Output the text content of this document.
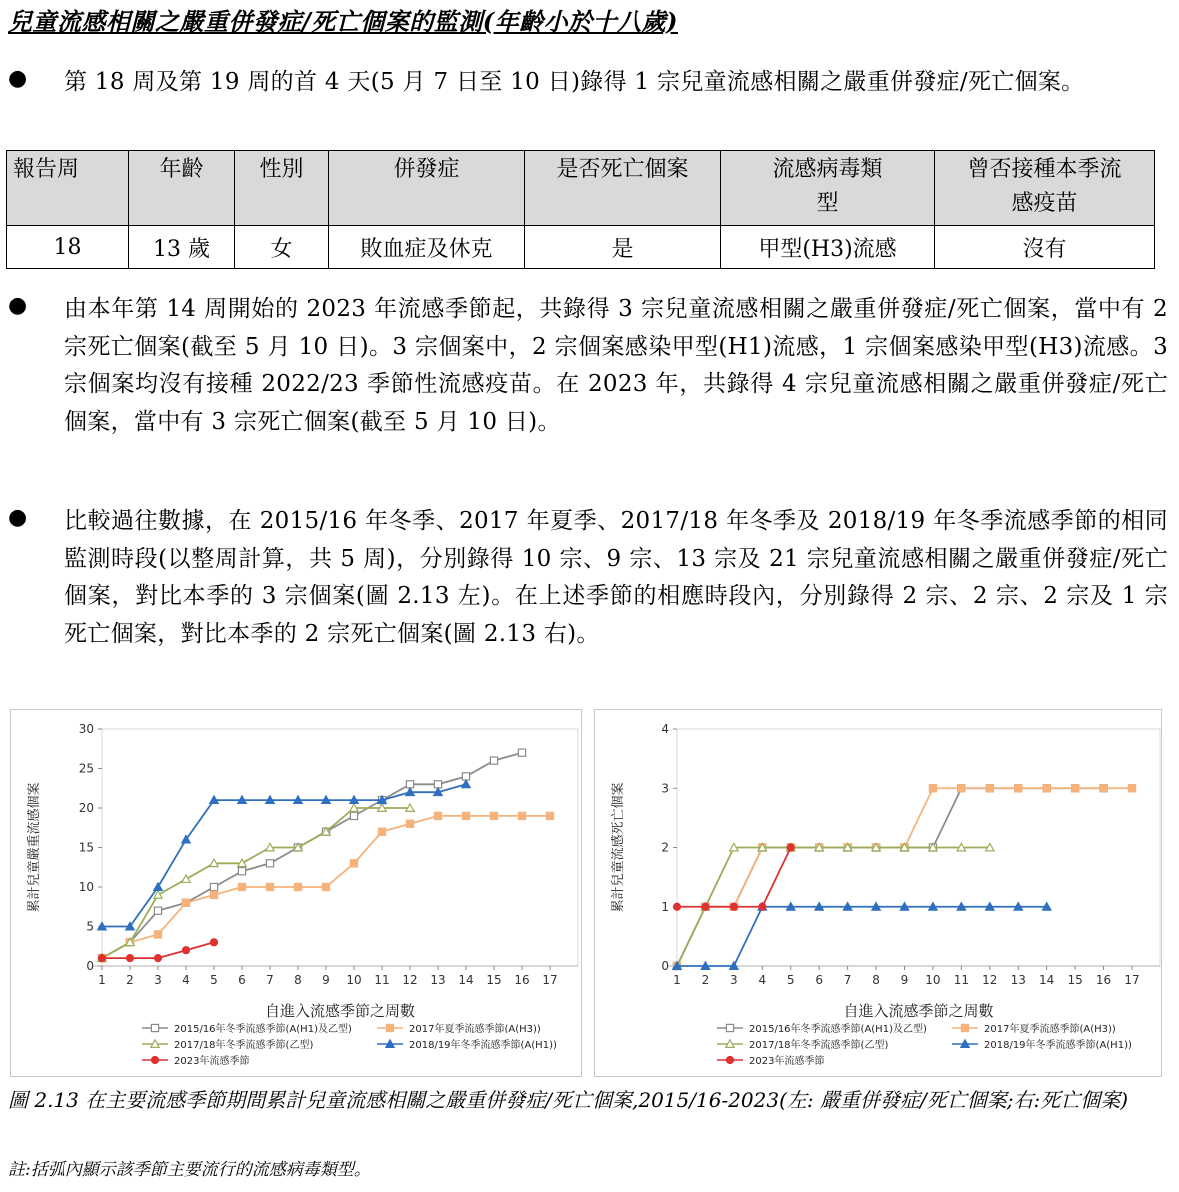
兒童流感相關之嚴重併發症/死亡個案的監測(年齡小於十八歲)
● 第 18 周及第 19 周的首 4 天(5 月 7 日至 10 日)錄得 1 宗兒童流感相關之嚴重併發症/死亡個案。

報告周	年齡	性別	併發症	是否死亡個案	流感病毒類型	曾否接種本季流感疫苗
18	13 歲	女	敗血症及休克	是	甲型(H3)流感	沒有
● 由本年第 14 周開始的 2023 年流感季節起，共錄得 3 宗兒童流感相關之嚴重併發症/死亡個案，當中有 2 宗死亡個案(截至 5 月 10 日)。3 宗個案中，2 宗個案感染甲型(H1)流感，1 宗個案感染甲型(H3)流感。3 宗個案均沒有接種 2022/23 季節性流感疫苗。在 2023 年，共錄得 4 宗兒童流感相關之嚴重併發症/死亡個案，當中有 3 宗死亡個案(截至 5 月 10 日)。

● 比較過往數據，在 2015/16 年冬季、2017 年夏季、2017/18 年冬季及 2018/19 年冬季流感季節的相同監測時段(以整周計算，共 5 周)，分別錄得 10 宗、9 宗、13 宗及 21 宗兒童流感相關之嚴重併發症/死亡個案，對比本季的 3 宗個案(圖 2.13 左)。在上述季節的相應時段內，分別錄得 2 宗、2 宗、2 宗及 1 宗死亡個案，對比本季的 2 宗死亡個案(圖 2.13 右)。

0
5
10
15
20
25
30
1 2 3 4 5 6 7 8 9 10 11 12 13 14 15 16 17
自進入流感季節之周數
累計兒童嚴重流感個案
2015/16年冬季流感季節(A(H1)及乙型)	2017年夏季流感季節(A(H3))
2017/18年冬季流感季節(乙型)	2018/19年冬季流感季節(A(H1))
2023年流感季節
0
1
2
3
4
1 2 3 4 5 6 7 8 9 10 11 12 13 14 15 16 17
自進入流感季節之周數
累計兒童流感死亡個案
2015/16年冬季流感季節(A(H1)及乙型)	2017年夏季流感季節(A(H3))
2017/18年冬季流感季節(乙型)	2018/19年冬季流感季節(A(H1))
2023年流感季節

圖 2.13 在主要流感季節期間累計兒童流感相關之嚴重併發症/死亡個案,2015/16-2023(左: 嚴重併發症/死亡個案;右:死亡個案)

註:括弧內顯示該季節主要流行的流感病毒類型。
